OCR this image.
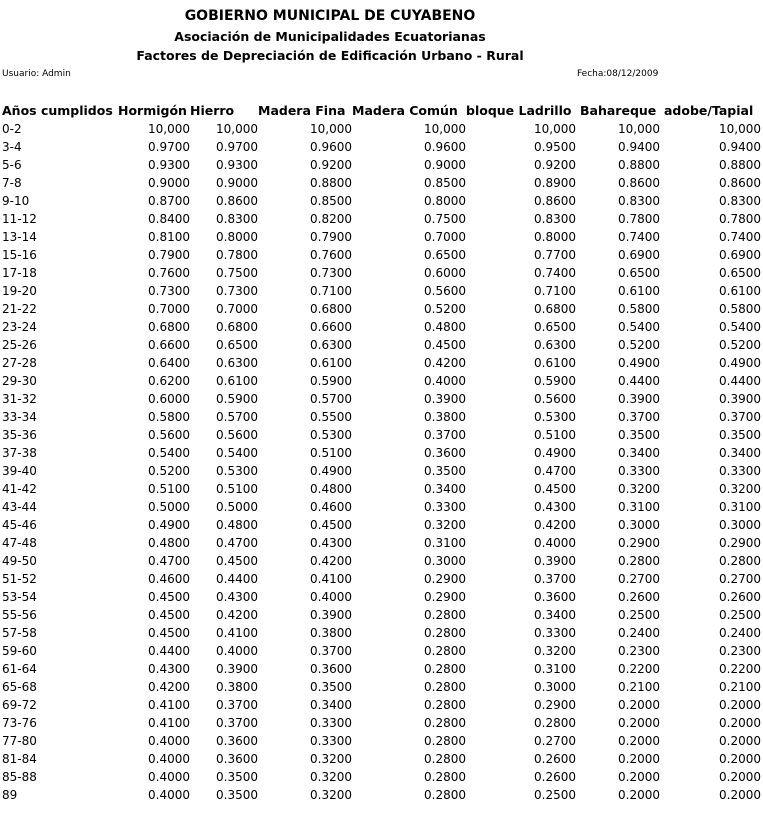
GOBIERNO MUNICIPAL DE CUYABENO
Asociación de Municipalidades Ecuatorianas
Factores de Depreciación de Edificación Urbano - Rural
Usuario: Admin	Fecha:08/12/2009
Años cumplidos	Hormigón	Hierro	Madera Fina	Madera Común	bloque Ladrillo	Bahareque	adobe/Tapial
0-2	10,000	10,000	10,000	10,000	10,000	10,000	10,000
3-4	0.9700	0.9700	0.9600	0.9600	0.9500	0.9400	0.9400
5-6	0.9300	0.9300	0.9200	0.9000	0.9200	0.8800	0.8800
7-8	0.9000	0.9000	0.8800	0.8500	0.8900	0.8600	0.8600
9-10	0.8700	0.8600	0.8500	0.8000	0.8600	0.8300	0.8300
11-12	0.8400	0.8300	0.8200	0.7500	0.8300	0.7800	0.7800
13-14	0.8100	0.8000	0.7900	0.7000	0.8000	0.7400	0.7400
15-16	0.7900	0.7800	0.7600	0.6500	0.7700	0.6900	0.6900
17-18	0.7600	0.7500	0.7300	0.6000	0.7400	0.6500	0.6500
19-20	0.7300	0.7300	0.7100	0.5600	0.7100	0.6100	0.6100
21-22	0.7000	0.7000	0.6800	0.5200	0.6800	0.5800	0.5800
23-24	0.6800	0.6800	0.6600	0.4800	0.6500	0.5400	0.5400
25-26	0.6600	0.6500	0.6300	0.4500	0.6300	0.5200	0.5200
27-28	0.6400	0.6300	0.6100	0.4200	0.6100	0.4900	0.4900
29-30	0.6200	0.6100	0.5900	0.4000	0.5900	0.4400	0.4400
31-32	0.6000	0.5900	0.5700	0.3900	0.5600	0.3900	0.3900
33-34	0.5800	0.5700	0.5500	0.3800	0.5300	0.3700	0.3700
35-36	0.5600	0.5600	0.5300	0.3700	0.5100	0.3500	0.3500
37-38	0.5400	0.5400	0.5100	0.3600	0.4900	0.3400	0.3400
39-40	0.5200	0.5300	0.4900	0.3500	0.4700	0.3300	0.3300
41-42	0.5100	0.5100	0.4800	0.3400	0.4500	0.3200	0.3200
43-44	0.5000	0.5000	0.4600	0.3300	0.4300	0.3100	0.3100
45-46	0.4900	0.4800	0.4500	0.3200	0.4200	0.3000	0.3000
47-48	0.4800	0.4700	0.4300	0.3100	0.4000	0.2900	0.2900
49-50	0.4700	0.4500	0.4200	0.3000	0.3900	0.2800	0.2800
51-52	0.4600	0.4400	0.4100	0.2900	0.3700	0.2700	0.2700
53-54	0.4500	0.4300	0.4000	0.2900	0.3600	0.2600	0.2600
55-56	0.4500	0.4200	0.3900	0.2800	0.3400	0.2500	0.2500
57-58	0.4500	0.4100	0.3800	0.2800	0.3300	0.2400	0.2400
59-60	0.4400	0.4000	0.3700	0.2800	0.3200	0.2300	0.2300
61-64	0.4300	0.3900	0.3600	0.2800	0.3100	0.2200	0.2200
65-68	0.4200	0.3800	0.3500	0.2800	0.3000	0.2100	0.2100
69-72	0.4100	0.3700	0.3400	0.2800	0.2900	0.2000	0.2000
73-76	0.4100	0.3700	0.3300	0.2800	0.2800	0.2000	0.2000
77-80	0.4000	0.3600	0.3300	0.2800	0.2700	0.2000	0.2000
81-84	0.4000	0.3600	0.3200	0.2800	0.2600	0.2000	0.2000
85-88	0.4000	0.3500	0.3200	0.2800	0.2600	0.2000	0.2000
89	0.4000	0.3500	0.3200	0.2800	0.2500	0.2000	0.2000
